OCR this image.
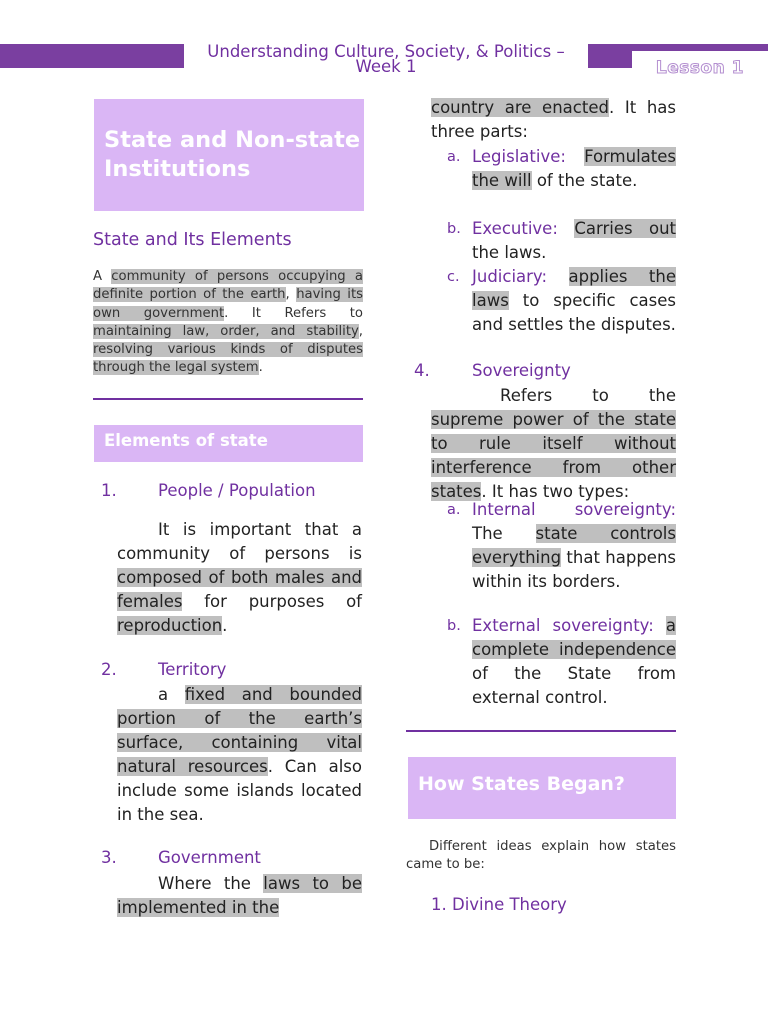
Understanding Culture, Society, & Politics –
Week 1	Lesson 1
State and Non-state Institutions
State and Its Elements
A community of persons occupying a definite portion of the earth, having its own government. It Refers to maintaining law, order, and stability, resolving various kinds of disputes through the legal system.
Elements of state
1.	People / Population
It is important that a community of persons is composed of both males and females for purposes of reproduction.
2.	Territory
a fixed and bounded portion of the earth’s surface, containing vital natural resources. Can also include some islands located in the sea.
3.	Government
Where the laws to be implemented in the
country are enacted. It has three parts:
a. Legislative: Formulates the will of the state.
b. Executive: Carries out the laws.
c. Judiciary: applies the laws to specific cases and settles the disputes.
4.	Sovereignty
Refers to the supreme power of the state to rule itself without interference from other states. It has two types:
a. Internal sovereignty: The state controls everything that happens within its borders.
b. External sovereignty: a complete independence of the State from external control.
How States Began?
Different ideas explain how states came to be:
1. Divine Theory
